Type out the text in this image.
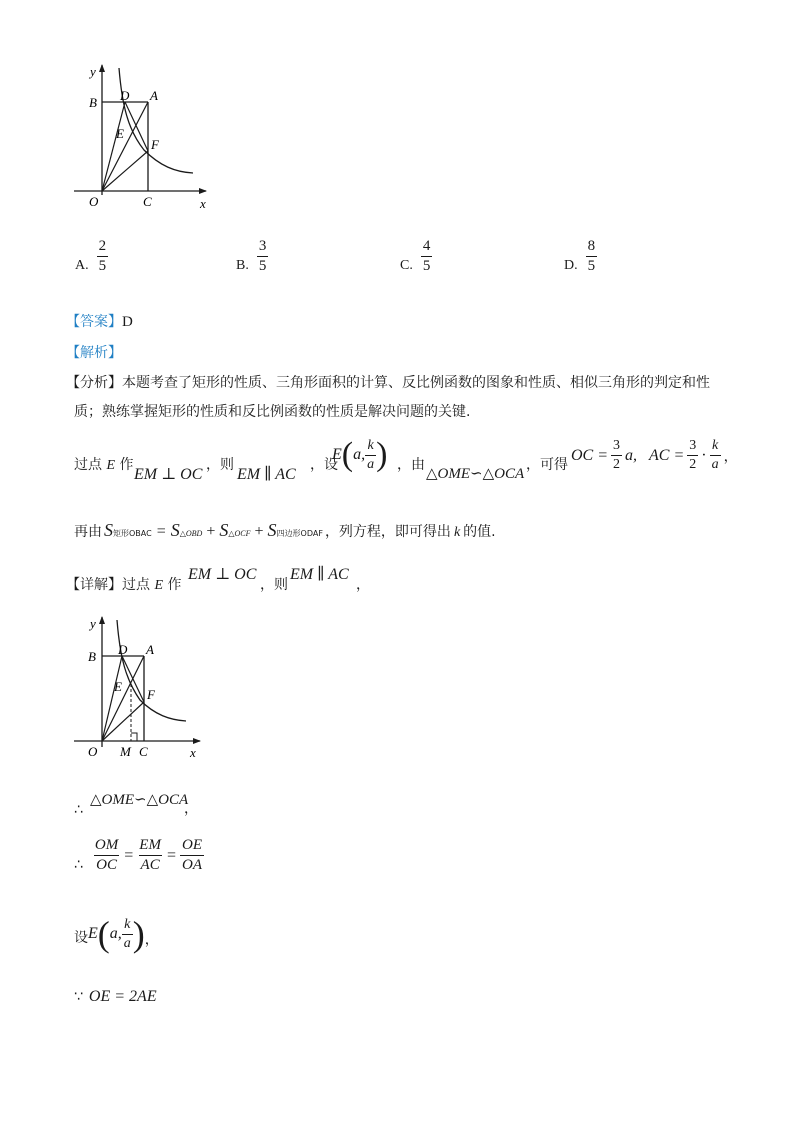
y
B D A
E
F
O	C	x
A. $\frac{2}{5}$	B. $\frac{3}{5}$	C. $\frac{4}{5}$	D. $\frac{8}{5}$
【答案】D
【解析】
【分析】本题考查了矩形的性质、三角形面积的计算、反比例函数的图象和性质、相似三角形的判定和性
质；熟练掌握矩形的性质和反比例函数的性质是解决问题的关键.
过点 E 作
EM ⊥ OC
，则
EM ∥ AC
，设
E ( a, $\frac{k}{a}$ ) ，由
△OME∽△OCA
，可得
OC = $\frac{3}{2} a$, AC = $\frac{3}{2} \cdot \frac{k}{a}$ ，
再由 S 矩形OBAC = S △OBD + S △OCF + S 四边形ODAF ，列方程，即可得出 k 的值.
【详解】过点 E 作
EM ⊥ OC
，则
EM ∥ AC
，
y
B D A
E
F
O M C	x
∴
△OME∽△OCA
，
∴ $\frac{OM}{OC} = \frac{EM}{AC} = \frac{OE}{OA}$
设 E ( a, $\frac{k}{a}$ ) ，
∵ OE = 2AE
